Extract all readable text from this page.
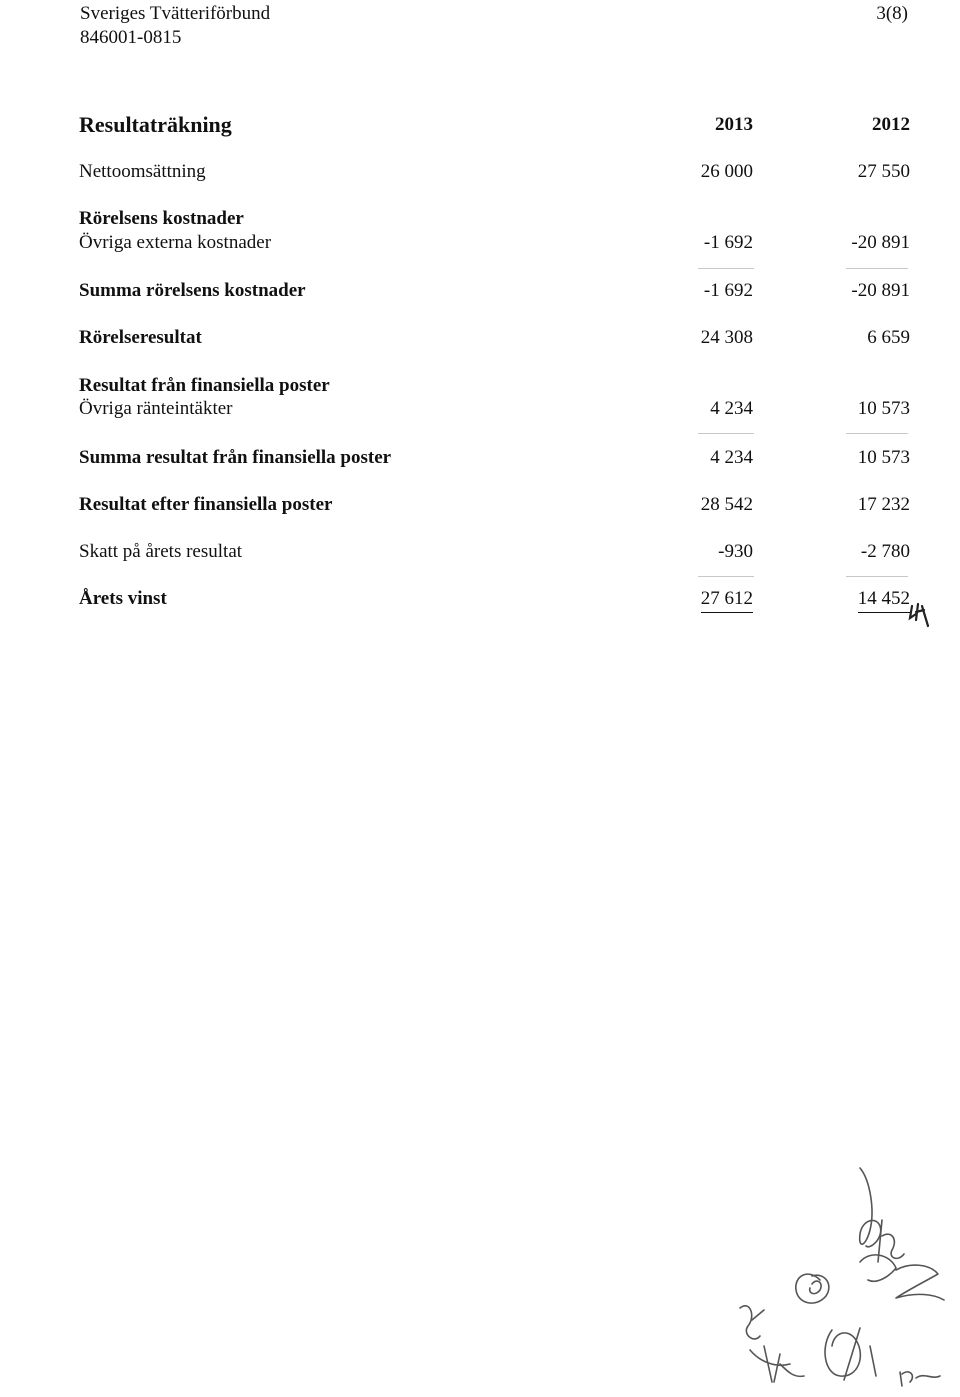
Sveriges Tvätteriförbund
846001-0815
3(8)
Resultaträkning	2013	2012
Nettoomsättning	26 000	27 550
Rörelsens kostnader
Övriga externa kostnader	-1 692	-20 891
Summa rörelsens kostnader	-1 692	-20 891
Rörelseresultat	24 308	6 659
Resultat från finansiella poster
Övriga ränteintäkter	4 234	10 573
Summa resultat från finansiella poster	4 234	10 573
Resultat efter finansiella poster	28 542	17 232
Skatt på årets resultat	-930	-2 780
Årets vinst	27 612	14 452
